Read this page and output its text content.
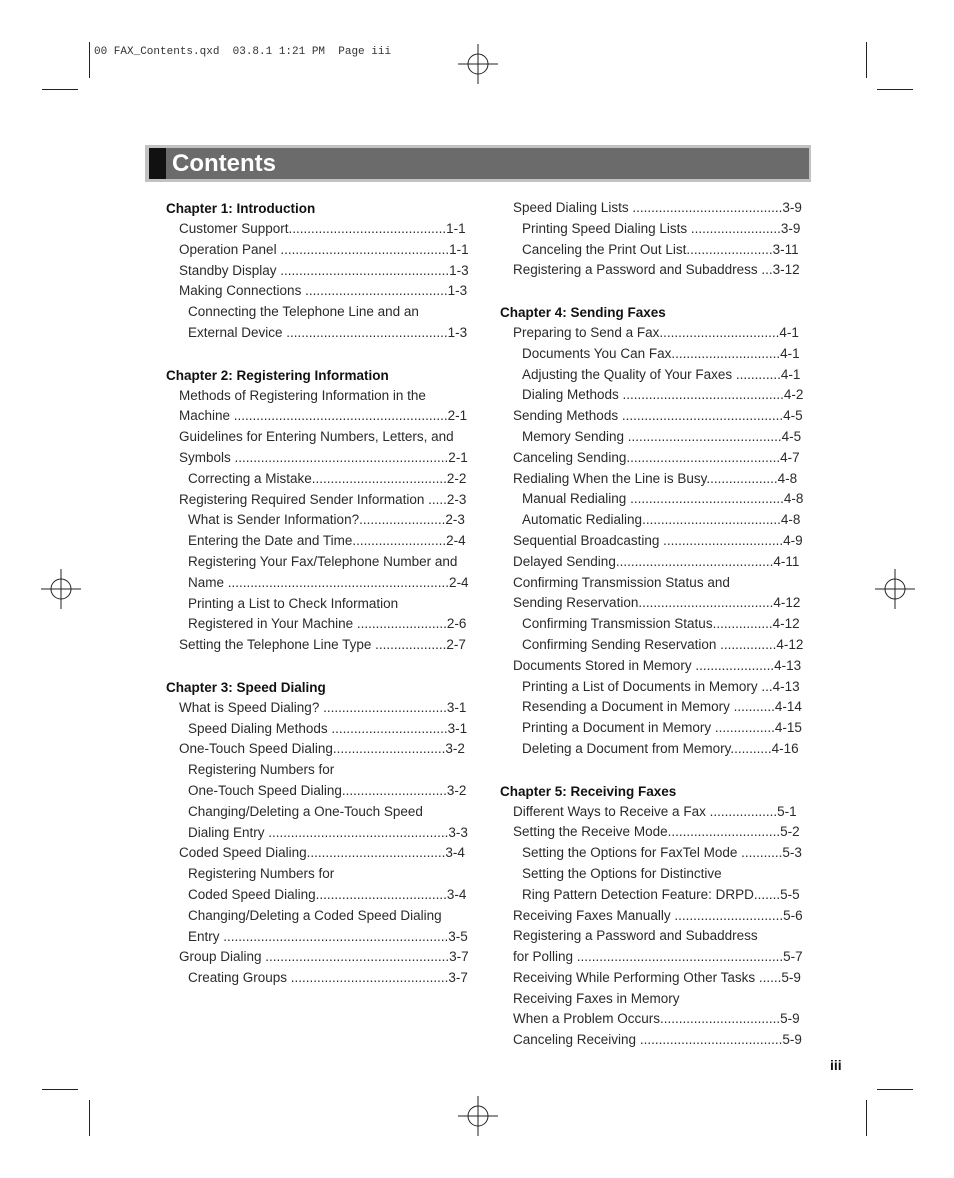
00 FAX_Contents.qxd  03.8.1 1:21 PM  Page iii
Contents
Chapter 1: Introduction
Customer Support..........................................1-1
Operation Panel .............................................1-1
Standby Display .............................................1-3
Making Connections ......................................1-3
Connecting the Telephone Line and an
External Device ...........................................1-3
Chapter 2: Registering Information
Methods of Registering Information in the
Machine .........................................................2-1
Guidelines for Entering Numbers, Letters, and
Symbols .........................................................2-1
Correcting a Mistake....................................2-2
Registering Required Sender Information .....2-3
What is Sender Information?.......................2-3
Entering the Date and Time.........................2-4
Registering Your Fax/Telephone Number and
Name ...........................................................2-4
Printing a List to Check Information
Registered in Your Machine ........................2-6
Setting the Telephone Line Type ...................2-7
Chapter 3: Speed Dialing
What is Speed Dialing? .................................3-1
Speed Dialing Methods ...............................3-1
One-Touch Speed Dialing..............................3-2
Registering Numbers for
One-Touch Speed Dialing............................3-2
Changing/Deleting a One-Touch Speed
Dialing Entry ................................................3-3
Coded Speed Dialing.....................................3-4
Registering Numbers for
Coded Speed Dialing...................................3-4
Changing/Deleting a Coded Speed Dialing
Entry ............................................................3-5
Group Dialing .................................................3-7
Creating Groups ..........................................3-7
Speed Dialing Lists ........................................3-9
Printing Speed Dialing Lists ........................3-9
Canceling the Print Out List.......................3-11
Registering a Password and Subaddress ...3-12
Chapter 4: Sending Faxes
Preparing to Send a Fax................................4-1
Documents You Can Fax.............................4-1
Adjusting the Quality of Your Faxes ............4-1
Dialing Methods ...........................................4-2
Sending Methods ...........................................4-5
Memory Sending .........................................4-5
Canceling Sending.........................................4-7
Redialing When the Line is Busy...................4-8
Manual Redialing .........................................4-8
Automatic Redialing.....................................4-8
Sequential Broadcasting ................................4-9
Delayed Sending..........................................4-11
Confirming Transmission Status and
Sending Reservation....................................4-12
Confirming Transmission Status................4-12
Confirming Sending Reservation ...............4-12
Documents Stored in Memory .....................4-13
Printing a List of Documents in Memory ...4-13
Resending a Document in Memory ...........4-14
Printing a Document in Memory ................4-15
Deleting a Document from Memory...........4-16
Chapter 5: Receiving Faxes
Different Ways to Receive a Fax ..................5-1
Setting the Receive Mode..............................5-2
Setting the Options for FaxTel Mode ...........5-3
Setting the Options for Distinctive
Ring Pattern Detection Feature: DRPD.......5-5
Receiving Faxes Manually .............................5-6
Registering a Password and Subaddress
for Polling .......................................................5-7
Receiving While Performing Other Tasks ......5-9
Receiving Faxes in Memory
When a Problem Occurs................................5-9
Canceling Receiving ......................................5-9
iii
